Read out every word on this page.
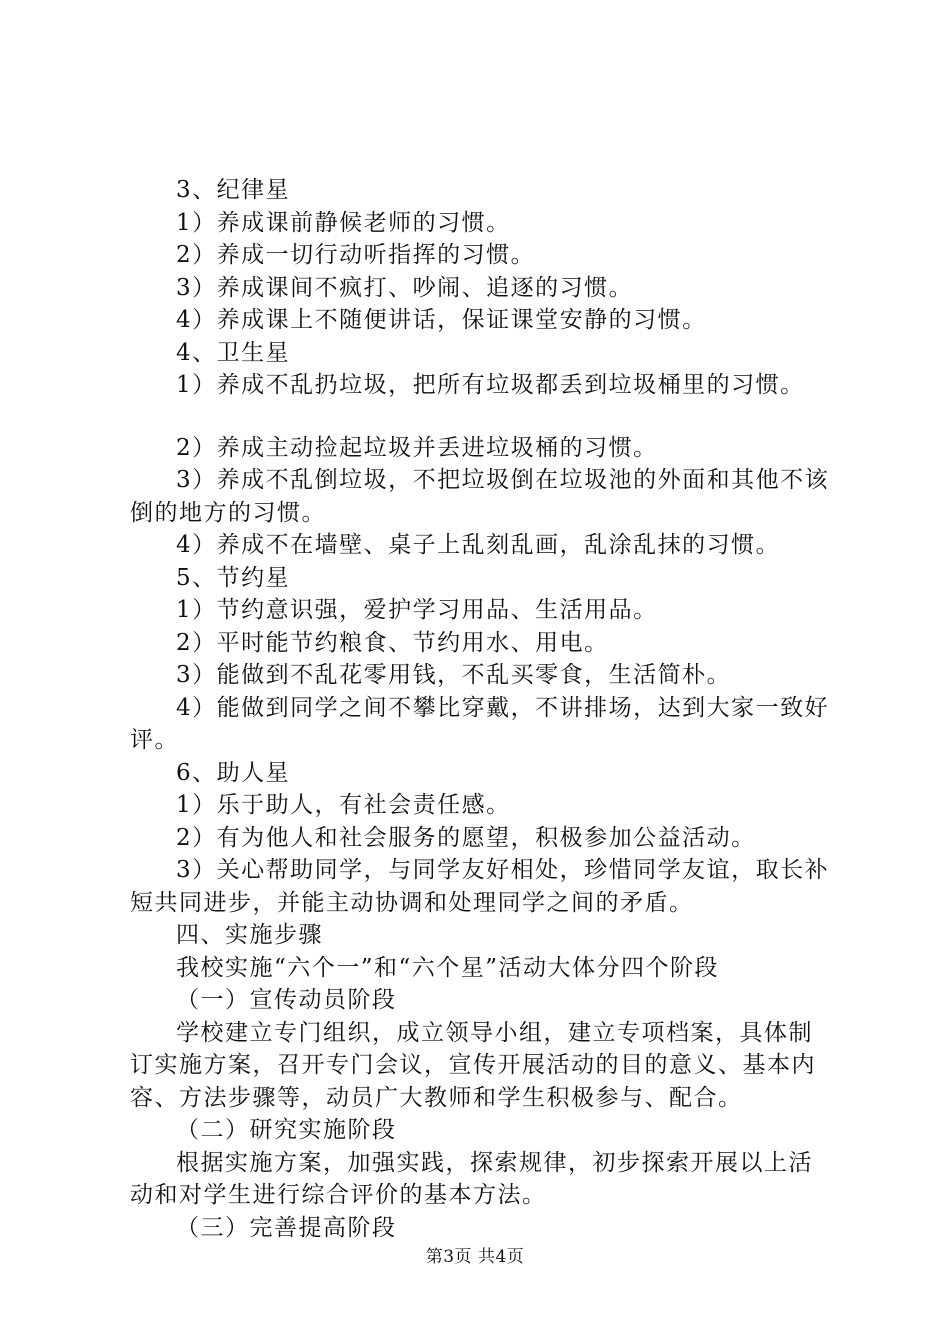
3、纪律星

1）养成课前静候老师的习惯。

2）养成一切行动听指挥的习惯。

3）养成课间不疯打、吵闹、追逐的习惯。

4）养成课上不随便讲话，保证课堂安静的习惯。

4、卫生星

1）养成不乱扔垃圾，把所有垃圾都丢到垃圾桶里的习惯。

2）养成主动捡起垃圾并丢进垃圾桶的习惯。

3）养成不乱倒垃圾，不把垃圾倒在垃圾池的外面和其他不该倒的地方的习惯。

4）养成不在墙壁、桌子上乱刻乱画，乱涂乱抹的习惯。

5、节约星

1）节约意识强，爱护学习用品、生活用品。

2）平时能节约粮食、节约用水、用电。

3）能做到不乱花零用钱，不乱买零食，生活简朴。

4）能做到同学之间不攀比穿戴，不讲排场，达到大家一致好评。

6、助人星

1）乐于助人，有社会责任感。

2）有为他人和社会服务的愿望，积极参加公益活动。

3）关心帮助同学，与同学友好相处，珍惜同学友谊，取长补短共同进步，并能主动协调和处理同学之间的矛盾。

四、实施步骤

我校实施“六个一”和“六个星”活动大体分四个阶段

（一）宣传动员阶段

学校建立专门组织，成立领导小组，建立专项档案，具体制订实施方案，召开专门会议，宣传开展活动的目的意义、基本内容、方法步骤等，动员广大教师和学生积极参与、配合。

（二）研究实施阶段

根据实施方案，加强实践，探索规律，初步探索开展以上活动和对学生进行综合评价的基本方法。

（三）完善提高阶段

第3页 共4页
